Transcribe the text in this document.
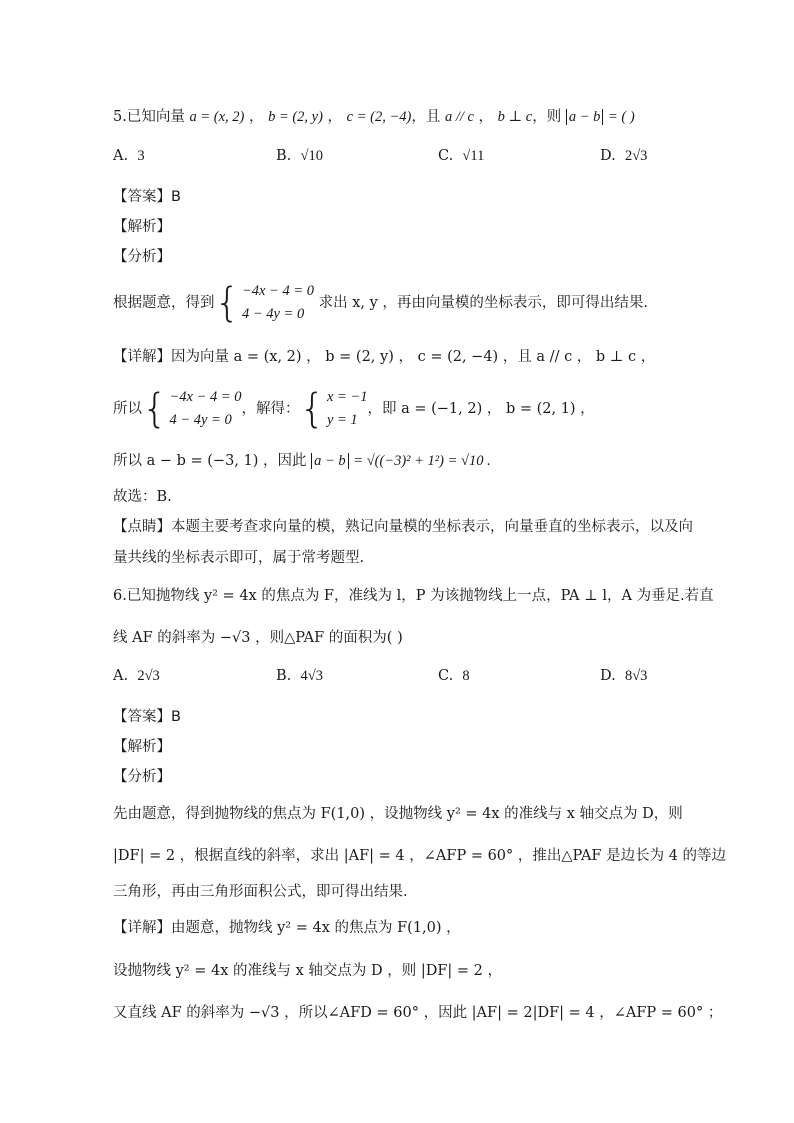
5.已知向量 a = (x, 2) ， b = (2, y) ， c = (2, −4)，且 a // c ， b ⊥ c，则 a − b = ( )
A. 3	B. √10	C. √11	D. 2√3
【答案】B
【解析】
【分析】
根据题意，得到{ −4x − 4 = 0
4 − 4y = 0 求出 x, y ，再由向量模的坐标表示，即可得出结果.
【详解】因为向量 a = (x, 2) ， b = (2, y) ， c = (2, −4) ，且 a // c ， b ⊥ c ，
所以{ −4x − 4 = 0
4 − 4y = 0，解得：{ x = −1
y = 1，即 a = (−1, 2) ， b = (2, 1) ，
所以 a − b = (−3, 1) ，因此 a − b = √((−3)² + 1²) = √10 .
故选：B.
【点睛】本题主要考查求向量的模，熟记向量模的坐标表示，向量垂直的坐标表示，以及向
量共线的坐标表示即可，属于常考题型.
6.已知抛物线 y² = 4x 的焦点为 F，准线为 l，P 为该抛物线上一点，PA ⊥ l，A 为垂足.若直
线 AF 的斜率为 −√3 ，则△PAF 的面积为( )
A. 2√3	B. 4√3	C. 8	D. 8√3
【答案】B
【解析】
【分析】
先由题意，得到抛物线的焦点为 F(1,0) ，设抛物线 y² = 4x 的准线与 x 轴交点为 D，则
|DF| = 2 ，根据直线的斜率，求出 |AF| = 4 ，∠AFP = 60° ，推出△PAF 是边长为 4 的等边
三角形，再由三角形面积公式，即可得出结果.
【详解】由题意，抛物线 y² = 4x 的焦点为 F(1,0) ，
设抛物线 y² = 4x 的准线与 x 轴交点为 D ，则 |DF| = 2 ，
又直线 AF 的斜率为 −√3 ，所以∠AFD = 60° ，因此 |AF| = 2|DF| = 4 ，∠AFP = 60° ；
